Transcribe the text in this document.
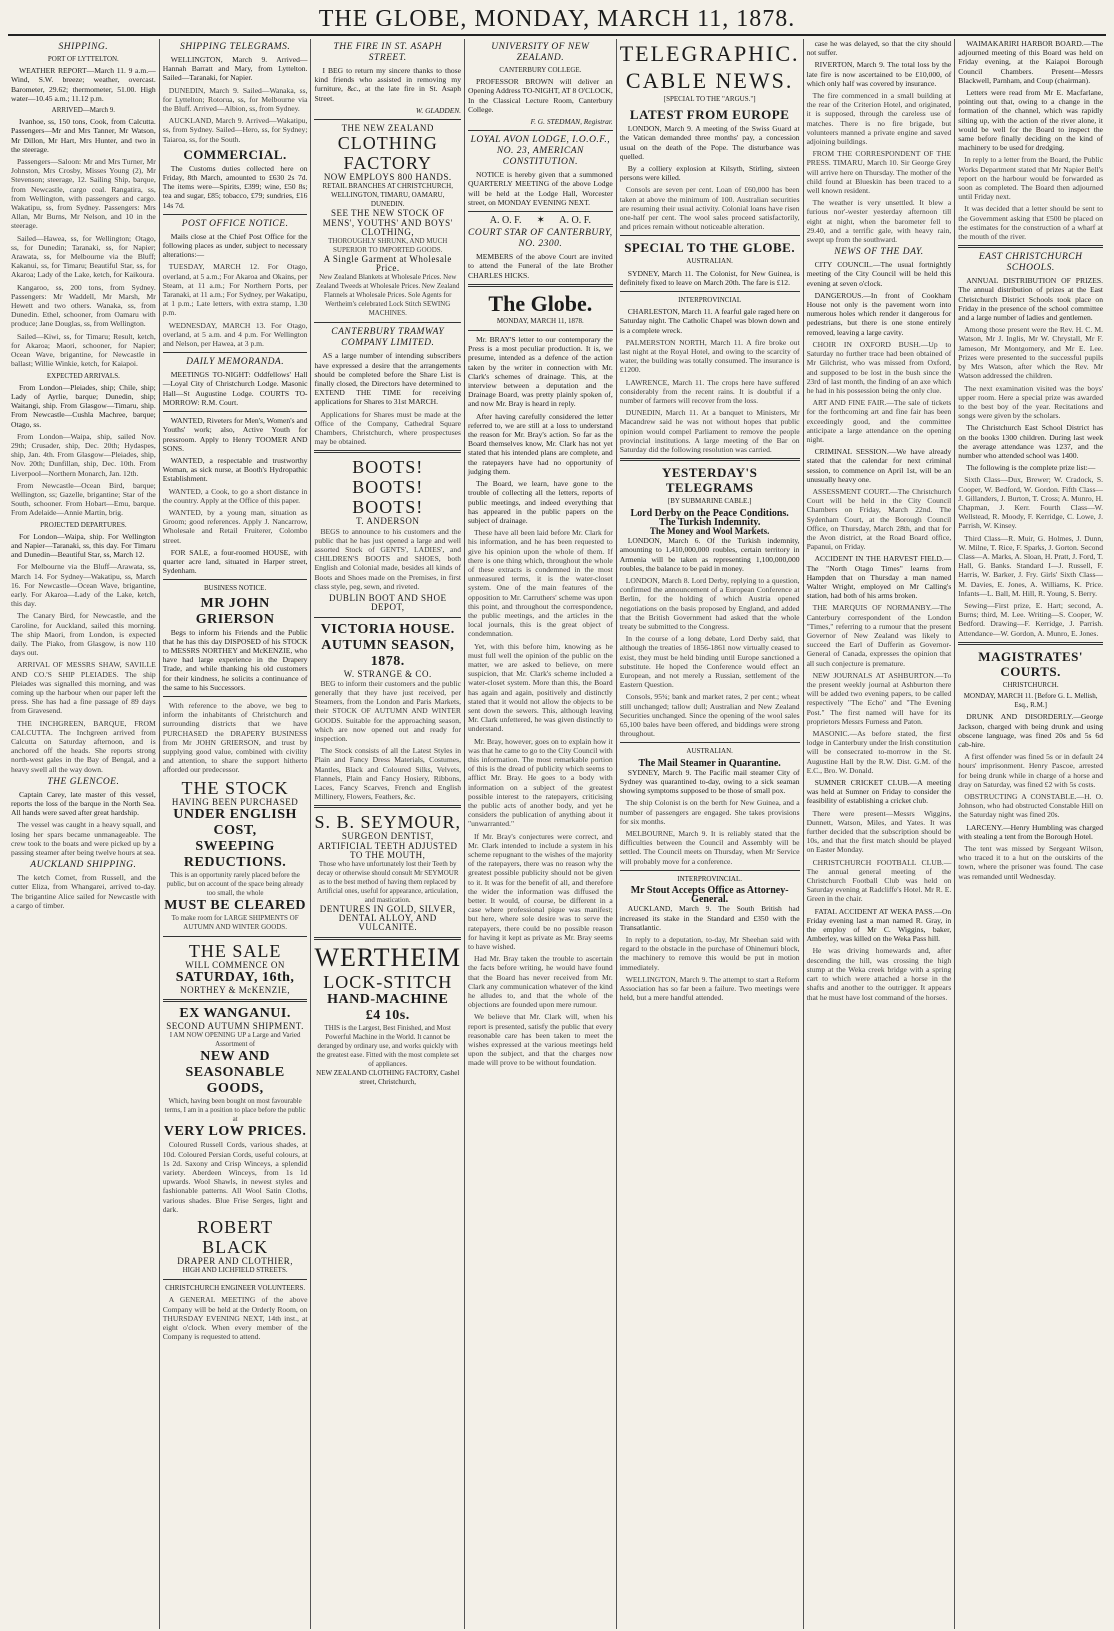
THE GLOBE, MONDAY, MARCH 11, 1878.
SHIPPING.
PORT OF LYTTELTON.

WEATHER REPORT—March 11. 9 a.m.—Wind, S.W. breeze; weather, overcast. Barometer, 29.62; thermometer, 51.00. High water—10.45 a.m.; 11.12 p.m.

ARRIVED—March 9.

Ivanhoe, ss, 150 tons, Cook, from Calcutta. Passengers—Mr and Mrs Tanner, Mr Watson, Mr Dillon, Mr Hart, Mrs Hunter, and two in the steerage.

Passengers—Saloon: Mr and Mrs Turner, Mr Johnston, Mrs Crosby, Misses Young (2), Mr Stevenson; steerage, 12. Sailing Ship, barque, from Newcastle, cargo coal. Rangatira, ss, from Wellington, with passengers and cargo. Wakatipu, ss, from Sydney. Passengers: Mrs Allan, Mr Burns, Mr Nelson, and 10 in the steerage.

Sailed—Hawea, ss, for Wellington; Otago, ss, for Dunedin; Taranaki, ss, for Napier; Arawata, ss, for Melbourne via the Bluff; Kakanui, ss, for Timaru; Beautiful Star, ss, for Akaroa; Lady of the Lake, ketch, for Kaikoura.

Kangaroo, ss, 200 tons, from Sydney. Passengers: Mr Waddell, Mr Marsh, Mr Hewett and two others. Wanaka, ss, from Dunedin. Ethel, schooner, from Oamaru with produce; Jane Douglas, ss, from Wellington.

Sailed—Kiwi, ss, for Timaru; Result, ketch, for Akaroa; Maori, schooner, for Napier; Ocean Wave, brigantine, for Newcastle in ballast; Willie Winkie, ketch, for Kaiapoi.

EXPECTED ARRIVALS.

From London—Pleiades, ship; Chile, ship; Lady of Ayrlie, barque; Dunedin, ship; Waitangi, ship. From Glasgow—Timaru, ship. From Newcastle—Cushla Machree, barque; Otago, ss.

From London—Waipa, ship, sailed Nov. 29th; Crusader, ship, Dec. 20th; Hydaspes, ship, Jan. 4th. From Glasgow—Pleiades, ship, Nov. 20th; Dunfillan, ship, Dec. 10th. From Liverpool—Northern Monarch, Jan. 12th.

From Newcastle—Ocean Bird, barque; Wellington, ss; Gazelle, brigantine; Star of the South, schooner. From Hobart—Emu, barque. From Adelaide—Annie Martin, brig.

PROJECTED DEPARTURES.

For London—Waipa, ship. For Wellington and Napier—Taranaki, ss, this day. For Timaru and Dunedin—Beautiful Star, ss, March 12.

For Melbourne via the Bluff—Arawata, ss, March 14. For Sydney—Wakatipu, ss, March 16. For Newcastle—Ocean Wave, brigantine, early. For Akaroa—Lady of the Lake, ketch, this day.

The Canary Bird, for Newcastle, and the Caroline, for Auckland, sailed this morning. The ship Maori, from London, is expected daily. The Piako, from Glasgow, is now 110 days out.

ARRIVAL OF MESSRS SHAW, SAVILLE AND CO.'S SHIP PLEIADES. The ship Pleiades was signalled this morning, and was coming up the harbour when our paper left the press. She has had a fine passage of 89 days from Gravesend.

THE INCHGREEN, BARQUE, FROM CALCUTTA. The Inchgreen arrived from Calcutta on Saturday afternoon, and is anchored off the heads. She reports strong north-west gales in the Bay of Bengal, and a heavy swell all the way down.

THE GLENCOE.

Captain Carey, late master of this vessel, reports the loss of the barque in the North Sea. All hands were saved after great hardship.

The vessel was caught in a heavy squall, and losing her spars became unmanageable. The crew took to the boats and were picked up by a passing steamer after being twelve hours at sea.

AUCKLAND SHIPPING.

The ketch Comet, from Russell, and the cutter Eliza, from Whangarei, arrived to-day. The brigantine Alice sailed for Newcastle with a cargo of timber.

SHIPPING TELEGRAMS.

WELLINGTON, March 9. Arrived—Hannah Barratt and Mary, from Lyttelton. Sailed—Taranaki, for Napier.

DUNEDIN, March 9. Sailed—Wanaka, ss, for Lyttelton; Rotorua, ss, for Melbourne via the Bluff. Arrived—Albion, ss, from Sydney.

AUCKLAND, March 9. Arrived—Wakatipu, ss, from Sydney. Sailed—Hero, ss, for Sydney; Taiaroa, ss, for the South.

COMMERCIAL.

The Customs duties collected here on Friday, 8th March, amounted to £630 2s 7d. The items were—Spirits, £399; wine, £50 8s; tea and sugar, £85; tobacco, £79; sundries, £16 14s 7d.

POST OFFICE NOTICE.

Mails close at the Chief Post Office for the following places as under, subject to necessary alterations:—

TUESDAY, MARCH 12. For Otago, overland, at 5 a.m.; For Akaroa and Okains, per Steam, at 11 a.m.; For Northern Ports, per Taranaki, at 11 a.m.; For Sydney, per Wakatipu, at 1 p.m.; Late letters, with extra stamp, 1.30 p.m.

WEDNESDAY, MARCH 13. For Otago, overland, at 5 a.m. and 4 p.m. For Wellington and Nelson, per Hawea, at 3 p.m.

DAILY MEMORANDA.

MEETINGS TO-NIGHT: Oddfellows' Hall—Loyal City of Christchurch Lodge. Masonic Hall—St Augustine Lodge. COURTS TO-MORROW: R.M. Court.

WANTED, Riveters for Men's, Women's and Youths' work; also, Active Youth for pressroom. Apply to Henry TOOMER AND SONS.

WANTED, a respectable and trustworthy Woman, as sick nurse, at Booth's Hydropathic Establishment.

WANTED, a Cook, to go a short distance in the country. Apply at the Office of this paper.

WANTED, by a young man, situation as Groom; good references. Apply J. Nancarrow, Wholesale and Retail Fruiterer, Colombo street.

FOR SALE, a four-roomed HOUSE, with quarter acre land, situated in Harper street, Sydenham.

BUSINESS NOTICE.
MR JOHN GRIERSON

Begs to inform his Friends and the Public that he has this day DISPOSED of his STOCK to MESSRS NORTHEY and McKENZIE, who have had large experience in the Drapery Trade, and while thanking his old customers for their kindness, he solicits a continuance of the same to his Successors.

With reference to the above, we beg to inform the inhabitants of Christchurch and surrounding districts that we have PURCHASED the DRAPERY BUSINESS from Mr JOHN GRIERSON, and trust by supplying good value, combined with civility and attention, to share the support hitherto afforded our predecessor.

THE STOCK
HAVING BEEN PURCHASED
UNDER ENGLISH COST,
SWEEPING REDUCTIONS.
This is an opportunity rarely placed before the public, but on account of the space being already too small, the whole
MUST BE CLEARED
To make room for LARGE SHIPMENTS OF AUTUMN AND WINTER GOODS.
THE SALE
WILL COMMENCE ON
SATURDAY, 16th,
NORTHEY & McKENZIE,
EX WANGANUI.
SECOND AUTUMN SHIPMENT.
I AM NOW OPENING UP a Large and Varied Assortment of
NEW AND SEASONABLE GOODS,
Which, having been bought on most favourable terms, I am in a position to place before the public at
VERY LOW PRICES.

Coloured Russell Cords, various shades, at 10d. Coloured Persian Cords, useful colours, at 1s 2d. Saxony and Crisp Winceys, a splendid variety. Aberdeen Winceys, from 1s 1d upwards. Wool Shawls, in newest styles and fashionable patterns. All Wool Satin Cloths, various shades. Blue Frise Serges, light and dark.

ROBERT BLACK
DRAPER AND CLOTHIER,
HIGH AND LICHFIELD STREETS.
CHRISTCHURCH ENGINEER VOLUNTEERS.

A GENERAL MEETING of the above Company will be held at the Orderly Room, on THURSDAY EVENING NEXT, 14th inst., at eight o'clock. When every member of the Company is requested to attend.

THE FIRE IN ST. ASAPH STREET.

I BEG to return my sincere thanks to those kind friends who assisted in removing my furniture, &c., at the late fire in St. Asaph Street.

W. GLADDEN.
THE NEW ZEALAND
CLOTHING FACTORY
NOW EMPLOYS 800 HANDS.
RETAIL BRANCHES AT CHRISTCHURCH, WELLINGTON, TIMARU, OAMARU, DUNEDIN.
SEE THE NEW STOCK OF MENS', YOUTHS' AND BOYS' CLOTHING,
THOROUGHLY SHRUNK, AND MUCH SUPERIOR TO IMPORTED GOODS.
A Single Garment at Wholesale Price.
New Zealand Blankets at Wholesale Prices. New Zealand Tweeds at Wholesale Prices. New Zealand Flannels at Wholesale Prices. Sole Agents for Wertheim's celebrated Lock Stitch SEWING MACHINES.
CANTERBURY TRAMWAY COMPANY LIMITED.

AS a large number of intending subscribers have expressed a desire that the arrangements should be completed before the Share List is finally closed, the Directors have determined to EXTEND THE TIME for receiving applications for Shares to 31st MARCH.

Applications for Shares must be made at the Office of the Company, Cathedral Square Chambers, Christchurch, where prospectuses may be obtained.

BOOTS! BOOTS! BOOTS!
T. ANDERSON

BEGS to announce to his customers and the public that he has just opened a large and well assorted Stock of GENTS', LADIES', and CHILDREN'S BOOTS and SHOES, both English and Colonial made, besides all kinds of Boots and Shoes made on the Premises, in first class style, peg, sewn, and riveted.

DUBLIN BOOT AND SHOE DEPOT,
VICTORIA HOUSE.
AUTUMN SEASON, 1878.
W. STRANGE & CO.

BEG to inform their customers and the public generally that they have just received, per Steamers, from the London and Paris Markets, their STOCK OF AUTUMN AND WINTER GOODS. Suitable for the approaching season, which are now opened out and ready for inspection.

The Stock consists of all the Latest Styles in Plain and Fancy Dress Materials, Costumes, Mantles, Black and Coloured Silks, Velvets, Flannels, Plain and Fancy Hosiery, Ribbons, Laces, Fancy Scarves, French and English Millinery, Flowers, Feathers, &c.

S. B. SEYMOUR,
SURGEON DENTIST,
ARTIFICIAL TEETH ADJUSTED TO THE MOUTH,
Those who have unfortunately lost their Teeth by decay or otherwise should consult Mr SEYMOUR as to the best method of having them replaced by Artificial ones, useful for appearance, articulation, and mastication.
DENTURES IN GOLD, SILVER, DENTAL ALLOY, AND VULCANITE.
WERTHEIM
LOCK-STITCH
HAND-MACHINE
£4 10s.
THIS is the Largest, Best Finished, and Most Powerful Machine in the World. It cannot be deranged by ordinary use, and works quickly with the greatest ease. Fitted with the most complete set of appliances.
NEW ZEALAND CLOTHING FACTORY, Cashel street, Christchurch,
UNIVERSITY OF NEW ZEALAND.
CANTERBURY COLLEGE.

PROFESSOR BROWN will deliver an Opening Address TO-NIGHT, AT 8 O'CLOCK, In the Classical Lecture Room, Canterbury College.

F. G. STEDMAN, Registrar.
LOYAL AVON LODGE, I.O.O.F., NO. 23, AMERICAN CONSTITUTION.

NOTICE is hereby given that a summoned QUARTERLY MEETING of the above Lodge will be held at the Lodge Hall, Worcester street, on MONDAY EVENING NEXT.

A. O. F.      ✶      A. O. F.
COURT STAR OF CANTERBURY, NO. 2300.

MEMBERS of the above Court are invited to attend the Funeral of the late Brother CHARLES HICKS.

The Globe.
MONDAY, MARCH 11, 1878.

Mr. BRAY'S letter to our contemporary the Press is a most peculiar production. It is, we presume, intended as a defence of the action taken by the writer in connection with Mr. Clark's schemes of drainage. This, at the interview between a deputation and the Drainage Board, was pretty plainly spoken of, and now Mr. Bray is heard in reply.

After having carefully considered the letter referred to, we are still at a loss to understand the reason for Mr. Bray's action. So far as the Board themselves know, Mr. Clark has not yet stated that his intended plans are complete, and the ratepayers have had no opportunity of judging them.

The Board, we learn, have gone to the trouble of collecting all the letters, reports of public meetings, and indeed everything that has appeared in the public papers on the subject of drainage.

These have all been laid before Mr. Clark for his information, and he has been requested to give his opinion upon the whole of them. If there is one thing which, throughout the whole of these extracts is condemned in the most unmeasured terms, it is the water-closet system. One of the main features of the opposition to Mr. Carruthers' scheme was upon this point, and throughout the correspondence, the public meetings, and the articles in the local journals, this is the great object of condemnation.

Yet, with this before him, knowing as he must full well the opinion of the public on the matter, we are asked to believe, on mere suspicion, that Mr. Clark's scheme included a water-closet system. More than this, the Board has again and again, positively and distinctly stated that it would not allow the objects to be sent down the sewers. This, although leaving Mr. Clark unfettered, he was given distinctly to understand.

Mr. Bray, however, goes on to explain how it was that he came to go to the City Council with this information. The most remarkable portion of this is the dread of publicity which seems to afflict Mr. Bray. He goes to a body with information on a subject of the greatest possible interest to the ratepayers, criticising the public acts of another body, and yet he considers the publication of anything about it "unwarranted."

If Mr. Bray's conjectures were correct, and Mr. Clark intended to include a system in his scheme repugnant to the wishes of the majority of the ratepayers, there was no reason why the greatest possible publicity should not be given to it. It was for the benefit of all, and therefore the wider the information was diffused the better. It would, of course, be different in a case where professional pique was manifest; but here, where sole desire was to serve the ratepayers, there could be no possible reason for having it kept as private as Mr. Bray seems to have wished.

Had Mr. Bray taken the trouble to ascertain the facts before writing, he would have found that the Board has never received from Mr. Clark any communication whatever of the kind he alludes to, and that the whole of the objections are founded upon mere rumour.

We believe that Mr. Clark will, when his report is presented, satisfy the public that every reasonable care has been taken to meet the wishes expressed at the various meetings held upon the subject, and that the charges now made will prove to be without foundation.

TELEGRAPHIC.
CABLE NEWS.
[SPECIAL TO THE "ARGUS."]
LATEST FROM EUROPE

LONDON, March 9. A meeting of the Swiss Guard at the Vatican demanded three months' pay, a concession usual on the death of the Pope. The disturbance was quelled.

By a colliery explosion at Kilsyth, Stirling, sixteen persons were killed.

Consols are seven per cent. Loan of £60,000 has been taken at above the minimum of 100. Australian securities are resuming their usual activity. Colonial loans have risen one-half per cent. The wool sales proceed satisfactorily, and prices remain without noticeable alteration.

SPECIAL TO THE GLOBE.
AUSTRALIAN.

SYDNEY, March 11. The Colonist, for New Guinea, is definitely fixed to leave on March 20th. The fare is £12.

INTERPROVINCIAL

CHARLESTON, March 11. A fearful gale raged here on Saturday night. The Catholic Chapel was blown down and is a complete wreck.

PALMERSTON NORTH, March 11. A fire broke out last night at the Royal Hotel, and owing to the scarcity of water, the building was totally consumed. The insurance is £1200.

LAWRENCE, March 11. The crops here have suffered considerably from the recent rains. It is doubtful if a number of farmers will recover from the loss.

DUNEDIN, March 11. At a banquet to Ministers, Mr Macandrew said he was not without hopes that public opinion would compel Parliament to remove the people provincial institutions. A large meeting of the Bar on Saturday did the following resolution was carried.

YESTERDAY'S TELEGRAMS
[BY SUBMARINE CABLE.]
Lord Derby on the Peace Conditions.
The Turkish Indemnity.
The Money and Wool Markets.

LONDON, March 6. Of the Turkish indemnity, amounting to 1,410,000,000 roubles, certain territory in Armenia will be taken as representing 1,100,000,000 roubles, the balance to be paid in money.

LONDON, March 8. Lord Derby, replying to a question, confirmed the announcement of a European Conference at Berlin, for the holding of which Austria opened negotiations on the basis proposed by England, and added that the British Government had asked that the whole treaty be submitted to the Congress.

In the course of a long debate, Lord Derby said, that although the treaties of 1856-1861 now virtually ceased to exist, they must be held binding until Europe sanctioned a substitute. He hoped the Conference would effect an European, and not merely a Russian, settlement of the Eastern Question.

Consols, 95¾; bank and market rates, 2 per cent.; wheat still unchanged; tallow dull; Australian and New Zealand Securities unchanged. Since the opening of the wool sales 65,100 bales have been offered, and biddings were strong throughout.

AUSTRALIAN.
The Mail Steamer in Quarantine.

SYDNEY, March 9. The Pacific mail steamer City of Sydney was quarantined to-day, owing to a sick seaman showing symptoms supposed to be those of small pox.

The ship Colonist is on the berth for New Guinea, and a number of passengers are engaged. She takes provisions for six months.

MELBOURNE, March 9. It is reliably stated that the difficulties between the Council and Assembly will be settled. The Council meets on Thursday, when Mr Service will probably move for a conference.

INTERPROVINCIAL.
Mr Stout Accepts Office as Attorney-General.

AUCKLAND, March 9. The South British had increased its stake in the Standard and £350 with the Transatlantic.

In reply to a deputation, to-day, Mr Sheehan said with regard to the obstacle in the purchase of Ohinemuri block, the machinery to remove this would be put in motion immediately.

WELLINGTON, March 9. The attempt to start a Reform Association has so far been a failure. Two meetings were held, but a mere handful attended.

case he was delayed, so that the city should not suffer.

RIVERTON, March 9. The total loss by the late fire is now ascertained to be £10,000, of which only half was covered by insurance.

The fire commenced in a small building at the rear of the Criterion Hotel, and originated, it is supposed, through the careless use of matches. There is no fire brigade, but volunteers manned a private engine and saved adjoining buildings.

FROM THE CORRESPONDENT OF THE PRESS. TIMARU, March 10. Sir George Grey will arrive here on Thursday. The mother of the child found at Blueskin has been traced to a well known resident.

The weather is very unsettled. It blew a furious nor'-wester yesterday afternoon till eight at night, when the barometer fell to 29.40, and a terrific gale, with heavy rain, swept up from the southward.

NEWS OF THE DAY.

CITY COUNCIL.—The usual fortnightly meeting of the City Council will be held this evening at seven o'clock.

DANGEROUS.—In front of Cookham House not only is the pavement worn into numerous holes which render it dangerous for pedestrians, but there is one stone entirely removed, leaving a large cavity.

CHOIR IN OXFORD BUSH.—Up to Saturday no further trace had been obtained of Mr Gilchrist, who was missed from Oxford, and supposed to be lost in the bush since the 23rd of last month, the finding of an axe which he had in his possession being the only clue.

ART AND FINE FAIR.—The sale of tickets for the forthcoming art and fine fair has been exceedingly good, and the committee anticipate a large attendance on the opening night.

CRIMINAL SESSION.—We have already stated that the calendar for next criminal session, to commence on April 1st, will be an unusually heavy one.

ASSESSMENT COURT.—The Christchurch Court will be held in the City Council Chambers on Friday, March 22nd. The Sydenham Court, at the Borough Council Office, on Thursday, March 28th, and that for the Avon district, at the Road Board office, Papanui, on Friday.

ACCIDENT IN THE HARVEST FIELD.—The "North Otago Times" learns from Hampden that on Thursday a man named Walter Wright, employed on Mr Calling's station, had both of his arms broken.

THE MARQUIS OF NORMANBY.—The Canterbury correspondent of the London "Times," referring to a rumour that the present Governor of New Zealand was likely to succeed the Earl of Dufferin as Governor-General of Canada, expresses the opinion that all such conjecture is premature.

NEW JOURNALS AT ASHBURTON.—To the present weekly journal at Ashburton there will be added two evening papers, to be called respectively "The Echo" and "The Evening Post." The first named will have for its proprietors Messrs Furness and Paton.

MASONIC.—As before stated, the first lodge in Canterbury under the Irish constitution will be consecrated to-morrow in the St. Augustine Hall by the R.W. Dist. G.M. of the E.C., Bro. W. Donald.

SUMNER CRICKET CLUB.—A meeting was held at Sumner on Friday to consider the feasibility of establishing a cricket club.

There were present—Messrs Wiggins, Dunnett, Watson, Miles, and Yates. It was further decided that the subscription should be 10s, and that the first match should be played on Easter Monday.

CHRISTCHURCH FOOTBALL CLUB.—The annual general meeting of the Christchurch Football Club was held on Saturday evening at Radcliffe's Hotel. Mr R. E. Green in the chair.

FATAL ACCIDENT AT WEKA PASS.—On Friday evening last a man named R. Gray, in the employ of Mr C. Wiggins, baker, Amberley, was killed on the Weka Pass hill.

He was driving homewards and, after descending the hill, was crossing the high stump at the Weka creek bridge with a spring cart to which were attached a horse in the shafts and another to the outrigger. It appears that he must have lost command of the horses.

WAIMAKARIRI HARBOR BOARD.—The adjourned meeting of this Board was held on Friday evening, at the Kaiapoi Borough Council Chambers. Present—Messrs Blackwell, Parnham, and Coup (chairman).

Letters were read from Mr E. Macfarlane, pointing out that, owing to a change in the formation of the channel, which was rapidly silting up, with the action of the river alone, it would be well for the Board to inspect the same before finally deciding on the kind of machinery to be used for dredging.

In reply to a letter from the Board, the Public Works Department stated that Mr Napier Bell's report on the harbour would be forwarded as soon as completed. The Board then adjourned until Friday next.

It was decided that a letter should be sent to the Government asking that £500 be placed on the estimates for the construction of a wharf at the mouth of the river.

EAST CHRISTCHURCH SCHOOLS.

ANNUAL DISTRIBUTION OF PRIZES. The annual distribution of prizes at the East Christchurch District Schools took place on Friday in the presence of the school committee and a large number of ladies and gentlemen.

Among those present were the Rev. H. C. M. Watson, Mr J. Inglis, Mr W. Chrystall, Mr F. Jameson, Mr Montgomery, and Mr E. Lee. Prizes were presented to the successful pupils by Mrs Watson, after which the Rev. Mr Watson addressed the children.

The next examination visited was the boys' upper room. Here a special prize was awarded to the best boy of the year. Recitations and songs were given by the scholars.

The Christchurch East School District has on the books 1300 children. During last week the average attendance was 1237, and the number who attended school was 1400.

The following is the complete prize list:—

Sixth Class—Dux, Brewer; W. Cradock, S. Cooper, W. Bedford, W. Gordon. Fifth Class—J. Gillanders, J. Burton, T. Cross; A. Munro, H. Chapman, J. Kerr. Fourth Class—W. Wellstead, R. Moody, F. Kerridge, C. Lowe, J. Parrish, W. Kinsey.

Third Class—R. Muir, G. Holmes, J. Dunn, W. Milne, T. Rice, F. Sparks, J. Gorton. Second Class—A. Marks, A. Sloan, H. Pratt, J. Ford, T. Hall, G. Banks. Standard I—J. Russell, F. Harris, W. Barker, J. Fry. Girls' Sixth Class—M. Davies, E. Jones, A. Williams, K. Price. Infants—L. Ball, M. Hill, R. Young, S. Berry.

Sewing—First prize, E. Hart; second, A. Burns; third, M. Lee. Writing—S. Cooper, W. Bedford. Drawing—F. Kerridge, J. Parrish. Attendance—W. Gordon, A. Munro, E. Jones.

MAGISTRATES' COURTS.
CHRISTCHURCH.
MONDAY, MARCH 11. [Before G. L. Mellish, Esq., R.M.]

DRUNK AND DISORDERLY.—George Jackson, charged with being drunk and using obscene language, was fined 20s and 5s 6d cab-hire.

A first offender was fined 5s or in default 24 hours' imprisonment. Henry Pascoe, arrested for being drunk while in charge of a horse and dray on Saturday, was fined £2 with 5s costs.

OBSTRUCTING A CONSTABLE.—H. O. Johnson, who had obstructed Constable Hill on the Saturday night was fined 20s.

LARCENY.—Henry Humbling was charged with stealing a tent from the Borough Hotel.

The tent was missed by Sergeant Wilson, who traced it to a hut on the outskirts of the town, where the prisoner was found. The case was remanded until Wednesday.
